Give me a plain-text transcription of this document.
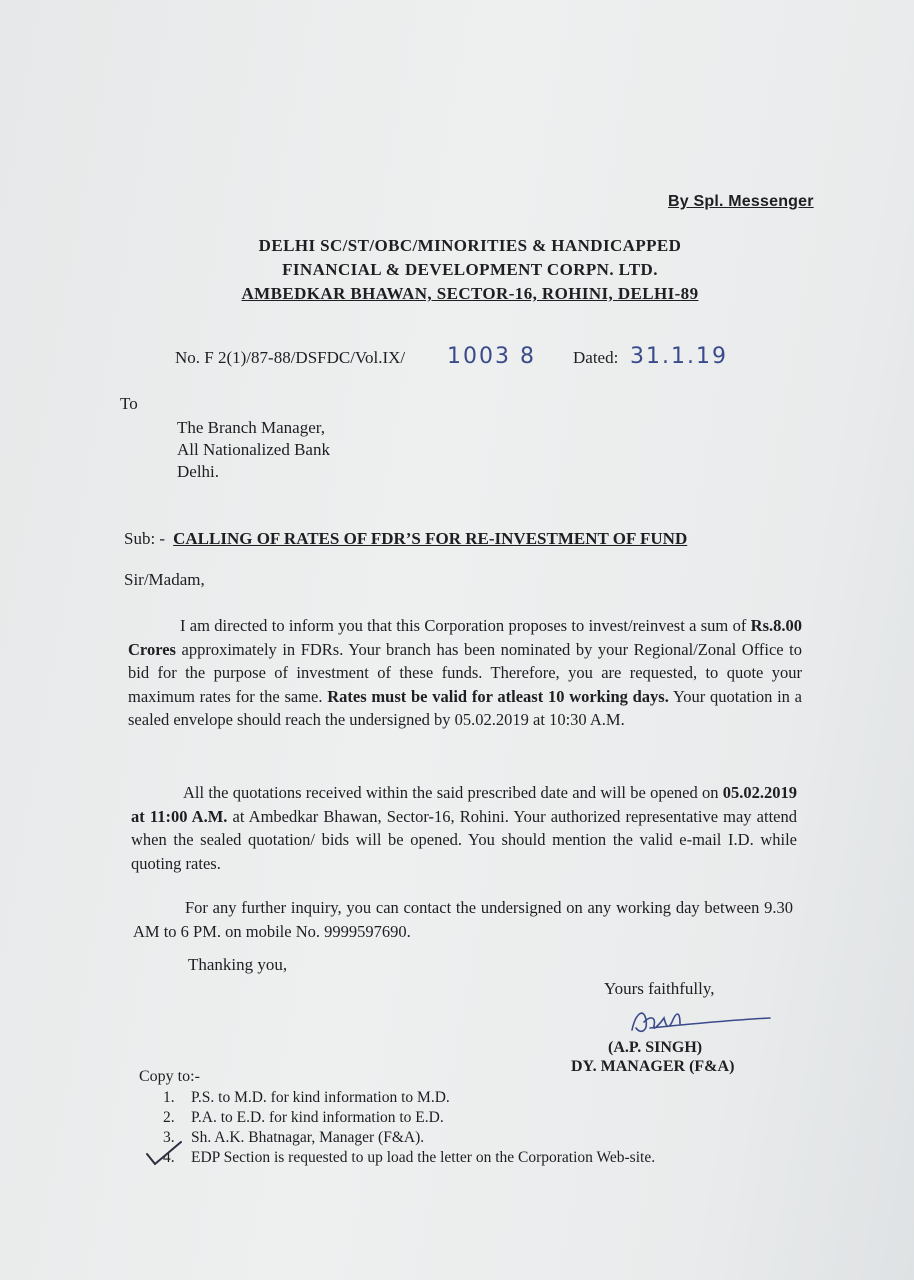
By Spl. Messenger
DELHI SC/ST/OBC/MINORITIES & HANDICAPPED
FINANCIAL & DEVELOPMENT CORPN. LTD.
AMBEDKAR BHAWAN, SECTOR-16, ROHINI, DELHI-89
No. F 2(1)/87-88/DSFDC/Vol.IX/ 1003 8 Dated: 31.1.19
To
The Branch Manager,
All Nationalized Bank
Delhi.
Sub: - CALLING OF RATES OF FDR’S FOR RE-INVESTMENT OF FUND
Sir/Madam,
I am directed to inform you that this Corporation proposes to invest/reinvest a sum of Rs.8.00 Crores approximately in FDRs. Your branch has been nominated by your Regional/Zonal Office to bid for the purpose of investment of these funds. Therefore, you are requested, to quote your maximum rates for the same. Rates must be valid for atleast 10 working days. Your quotation in a sealed envelope should reach the undersigned by 05.02.2019 at 10:30 A.M.
All the quotations received within the said prescribed date and will be opened on 05.02.2019 at 11:00 A.M. at Ambedkar Bhawan, Sector-16, Rohini. Your authorized representative may attend when the sealed quotation/ bids will be opened. You should mention the valid e-mail I.D. while quoting rates.
For any further inquiry, you can contact the undersigned on any working day between 9.30 AM to 6 PM. on mobile No. 9999597690.
Thanking you,
Yours faithfully,
(A.P. SINGH)
DY. MANAGER (F&A)
Copy to:-
1. P.S. to M.D. for kind information to M.D.
2. P.A. to E.D. for kind information to E.D.
3. Sh. A.K. Bhatnagar, Manager (F&A).
4. EDP Section is requested to up load the letter on the Corporation Web-site.
